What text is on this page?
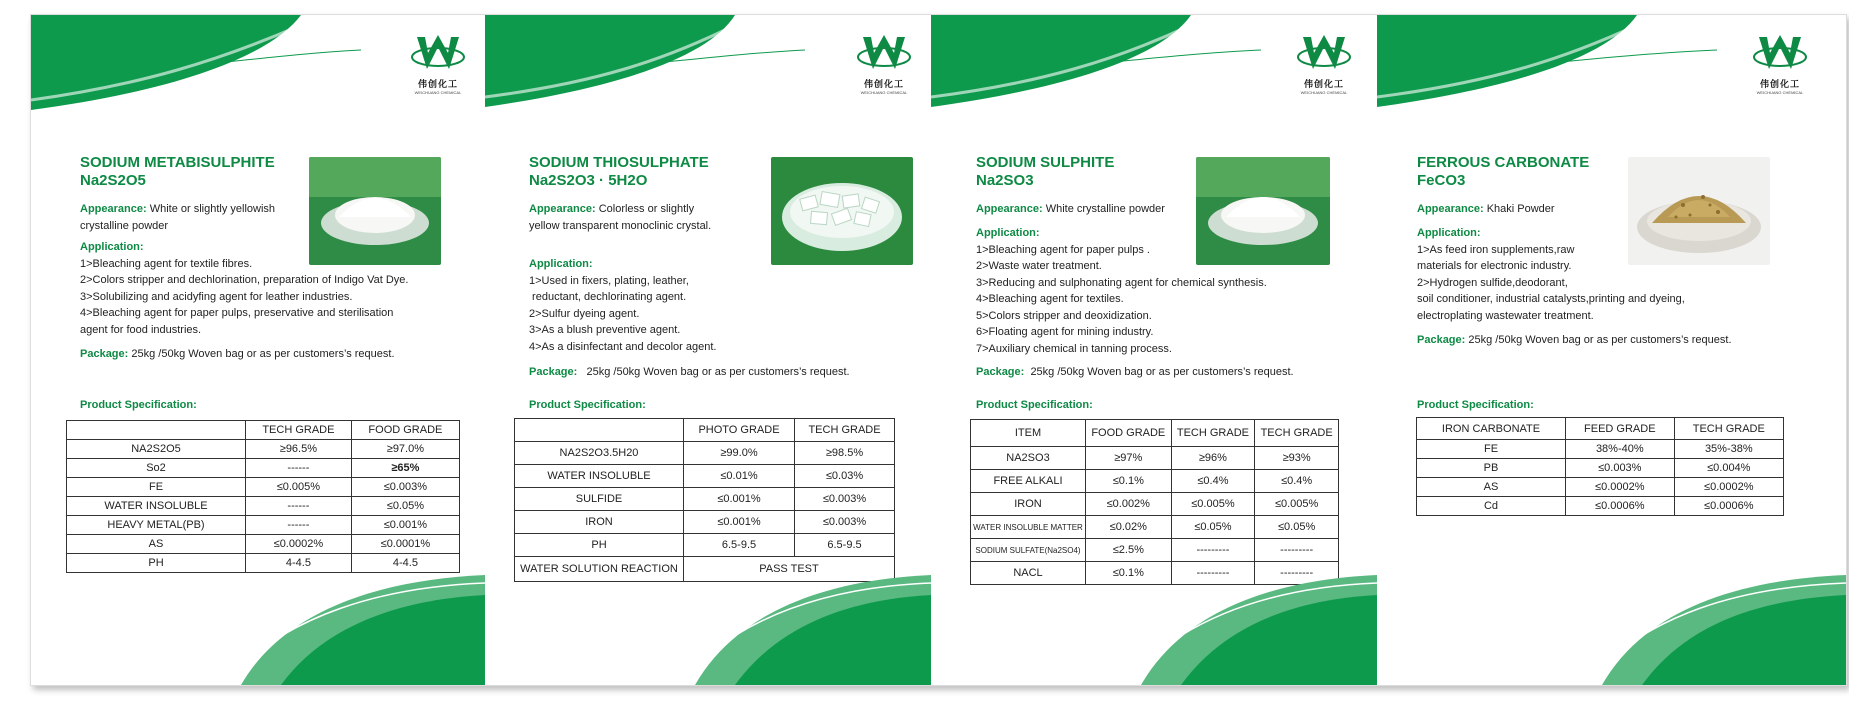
伟创化工
WEICHUANG CHEMICAL
SODIUM METABISULPHITE
Na2S2O5
Appearance: White or slightly yellowish
crystalline powder
Application:
1>Bleaching agent for textile fibres.
2>Colors stripper and dechlorination, preparation of Indigo Vat Dye.
3>Solubilizing and acidyfing agent for leather industries.
4>Bleaching agent for paper pulps, preservative and sterilisation
agent for food industries.
Package: 25kg /50kg Woven bag or as per customers’s request.
Product Specification:
	TECH GRADE	FOOD GRADE
NA2S2O5	≥96.5%	≥97.0%
So2	------	≥65%
FE	≤0.005%	≤0.003%
WATER INSOLUBLE	------	≤0.05%
HEAVY METAL(PB)	------	≤0.001%
AS	≤0.0002%	≤0.0001%
PH	4-4.5	4-4.5
伟创化工
WEICHUANG CHEMICAL
SODIUM THIOSULPHATE
Na2S2O3 · 5H2O
Appearance: Colorless or slightly
yellow transparent monoclinic crystal.
Application:
1>Used in fixers, plating, leather,
reductant, dechlorinating agent.
2>Sulfur dyeing agent.
3>As a blush preventive agent.
4>As a disinfectant and decolor agent.
Package: 25kg /50kg Woven bag or as per customers’s request.
Product Specification:
	PHOTO GRADE	TECH GRADE
NA2S2O3.5H20	≥99.0%	≥98.5%
WATER INSOLUBLE	≤0.01%	≤0.03%
SULFIDE	≤0.001%	≤0.003%
IRON	≤0.001%	≤0.003%
PH	6.5-9.5	6.5-9.5
WATER SOLUTION REACTION	PASS TEST	
伟创化工
WEICHUANG CHEMICAL
SODIUM SULPHITE
Na2SO3
Appearance: White crystalline powder
Application:
1>Bleaching agent for paper pulps .
2>Waste water treatment.
3>Reducing and sulphonating agent for chemical synthesis.
4>Bleaching agent for textiles.
5>Colors stripper and deoxidization.
6>Floating agent for mining industry.
7>Auxiliary chemical in tanning process.
Package: 25kg /50kg Woven bag or as per customers’s request.
Product Specification:
ITEM	FOOD GRADE	TECH GRADE	TECH GRADE
NA2SO3	≥97%	≥96%	≥93%
FREE ALKALI	≤0.1%	≤0.4%	≤0.4%
IRON	≤0.002%	≤0.005%	≤0.005%
WATER INSOLUBLE MATTER	≤0.02%	≤0.05%	≤0.05%
SODIUM SULFATE(Na2SO4)	≤2.5%	---------	---------
NACL	≤0.1%	---------	---------
伟创化工
WEICHUANG CHEMICAL
FERROUS CARBONATE
FeCO3
Appearance: Khaki Powder
Application:
1>As feed iron supplements,raw
materials for electronic industry.
2>Hydrogen sulfide,deodorant,
soil conditioner, industrial catalysts,printing and dyeing,
electroplating wastewater treatment.
Package: 25kg /50kg Woven bag or as per customers’s request.
Product Specification:
IRON CARBONATE	FEED GRADE	TECH GRADE
FE	38%-40%	35%-38%
PB	≤0.003%	≤0.004%
AS	≤0.0002%	≤0.0002%
Cd	≤0.0006%	≤0.0006%
